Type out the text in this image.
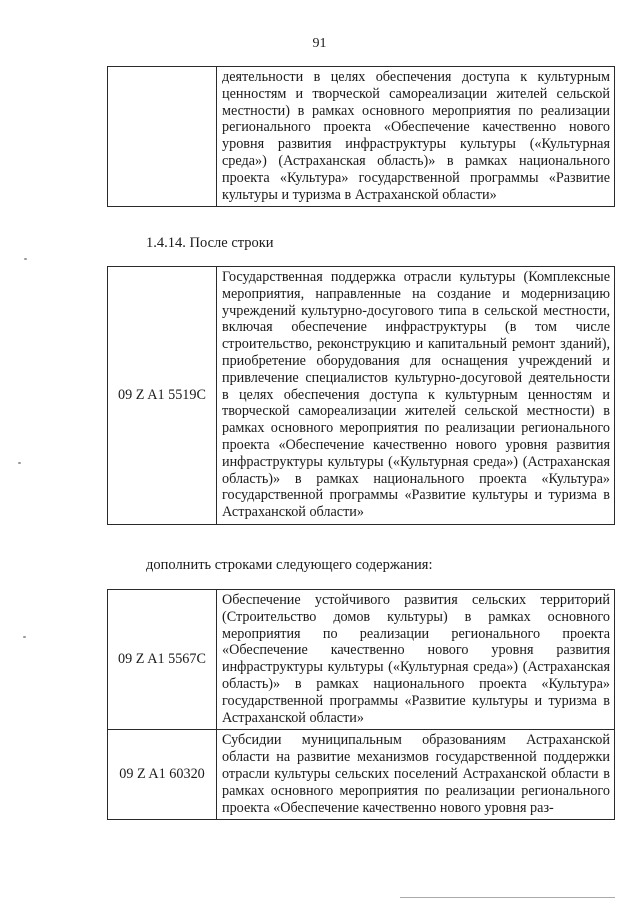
91
	деятельности в целях обеспечения доступа к культурным ценностям и творческой самореализации жителей сельской местности) в рамках основного мероприятия по реализации регионального проекта «Обеспечение качественно нового уровня развития инфраструктуры культуры («Культурная среда») (Астраханская область)» в рамках национального проекта «Культура» государственной программы «Развитие культуры и туризма в Астраханской области»
1.4.14. После строки
09 Z A1 5519C	Государственная поддержка отрасли культуры (Комплексные мероприятия, направленные на создание и модернизацию учреждений культурно-досугового типа в сельской местности, включая обеспечение инфраструктуры (в том числе строительство, реконструкцию и капитальный ремонт зданий), приобретение оборудования для оснащения учреждений и привлечение специалистов культурно-досуговой деятельности в целях обеспечения доступа к культурным ценностям и творческой самореализации жителей сельской местности) в рамках основного мероприятия по реализации регионального проекта «Обеспечение качественно нового уровня развития инфраструктуры культуры («Культурная среда») (Астраханская область)» в рамках национального проекта «Культура» государственной программы «Развитие культуры и туризма в Астраханской области»
дополнить строками следующего содержания:
09 Z A1 5567C	Обеспечение устойчивого развития сельских территорий (Строительство домов культуры) в рамках основного мероприятия по реализации регионального проекта «Обеспечение качественно нового уровня развития инфраструктуры культуры («Культурная среда») (Астраханская область)» в рамках национального проекта «Культура» государственной программы «Развитие культуры и туризма в Астраханской области»
09 Z A1 60320	Субсидии муниципальным образованиям Астраханской области на развитие механизмов государственной поддержки отрасли культуры сельских поселений Астраханской области в рамках основного мероприятия по реализации регионального проекта «Обеспечение качественно нового уровня раз-
